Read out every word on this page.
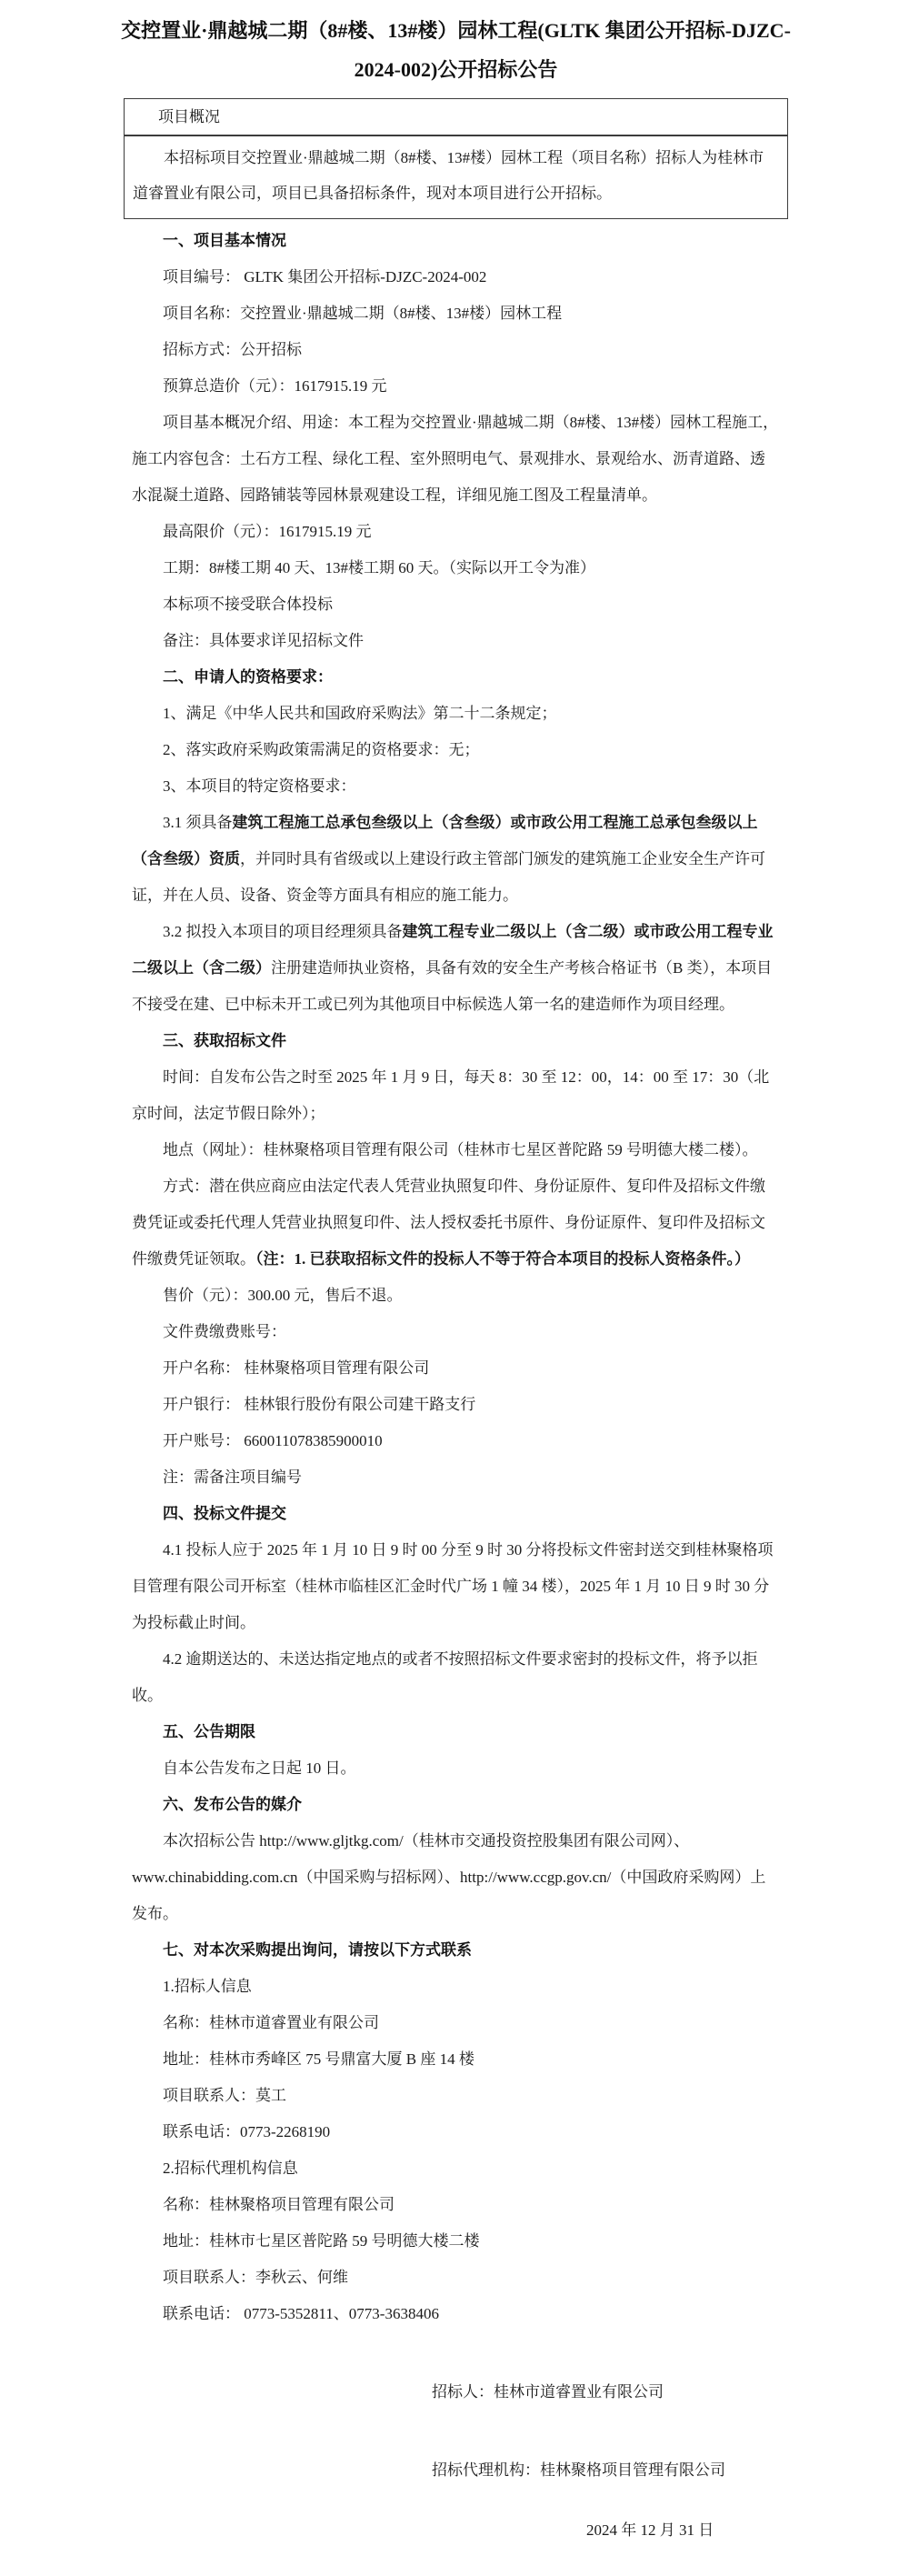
交控置业·鼎越城二期（8#楼、13#楼）园林工程(GLTK 集团公开招标-DJZC-2024-002)公开招标公告
项目概况
本招标项目交控置业·鼎越城二期（8#楼、13#楼）园林工程（项目名称）招标人为桂林市道睿置业有限公司，项目已具备招标条件，现对本项目进行公开招标。

一、项目基本情况

项目编号： GLTK 集团公开招标-DJZC-2024-002

项目名称：交控置业·鼎越城二期（8#楼、13#楼）园林工程

招标方式：公开招标

预算总造价（元）：1617915.19 元

项目基本概况介绍、用途：本工程为交控置业·鼎越城二期（8#楼、13#楼）园林工程施工，施工内容包含：土石方工程、绿化工程、室外照明电气、景观排水、景观给水、沥青道路、透水混凝土道路、园路铺装等园林景观建设工程，详细见施工图及工程量清单。

最高限价（元）：1617915.19 元

工期：8#楼工期 40 天、13#楼工期 60 天。（实际以开工令为准）

本标项不接受联合体投标

备注：具体要求详见招标文件

二、申请人的资格要求：

1、满足《中华人民共和国政府采购法》第二十二条规定；

2、落实政府采购政策需满足的资格要求：无；

3、本项目的特定资格要求：

3.1 须具备建筑工程施工总承包叁级以上（含叁级）或市政公用工程施工总承包叁级以上（含叁级）资质，并同时具有省级或以上建设行政主管部门颁发的建筑施工企业安全生产许可证，并在人员、设备、资金等方面具有相应的施工能力。

3.2 拟投入本项目的项目经理须具备建筑工程专业二级以上（含二级）或市政公用工程专业二级以上（含二级）注册建造师执业资格，具备有效的安全生产考核合格证书（B 类），本项目不接受在建、已中标未开工或已列为其他项目中标候选人第一名的建造师作为项目经理。

三、获取招标文件

时间：自发布公告之时至 2025 年 1 月 9 日，每天 8：30 至 12：00，14：00 至 17：30（北京时间，法定节假日除外）；

地点（网址）：桂林聚格项目管理有限公司（桂林市七星区普陀路 59 号明德大楼二楼）。

方式：潜在供应商应由法定代表人凭营业执照复印件、身份证原件、复印件及招标文件缴费凭证或委托代理人凭营业执照复印件、法人授权委托书原件、身份证原件、复印件及招标文件缴费凭证领取。（注：1. 已获取招标文件的投标人不等于符合本项目的投标人资格条件。）

售价（元）：300.00 元，售后不退。

文件费缴费账号：

开户名称： 桂林聚格项目管理有限公司

开户银行： 桂林银行股份有限公司建干路支行

开户账号： 660011078385900010

注：需备注项目编号

四、投标文件提交

4.1 投标人应于 2025 年 1 月 10 日 9 时 00 分至 9 时 30 分将投标文件密封送交到桂林聚格项目管理有限公司开标室（桂林市临桂区汇金时代广场 1 幢 34 楼），2025 年 1 月 10 日 9 时 30 分为投标截止时间。

4.2 逾期送达的、未送达指定地点的或者不按照招标文件要求密封的投标文件，将予以拒收。

五、公告期限

自本公告发布之日起 10 日。

六、发布公告的媒介

本次招标公告 http://www.gljtkg.com/（桂林市交通投资控股集团有限公司网）、www.chinabidding.com.cn（中国采购与招标网）、http://www.ccgp.gov.cn/（中国政府采购网）上发布。

七、对本次采购提出询问，请按以下方式联系

1.招标人信息

名称：桂林市道睿置业有限公司

地址：桂林市秀峰区 75 号鼎富大厦 B 座 14 楼

项目联系人：莫工

联系电话：0773-2268190

2.招标代理机构信息

名称：桂林聚格项目管理有限公司

地址：桂林市七星区普陀路 59 号明德大楼二楼

项目联系人：李秋云、何维

联系电话： 0773-5352811、0773-3638406

招标人：桂林市道睿置业有限公司

招标代理机构：桂林聚格项目管理有限公司

2024 年 12 月 31 日
